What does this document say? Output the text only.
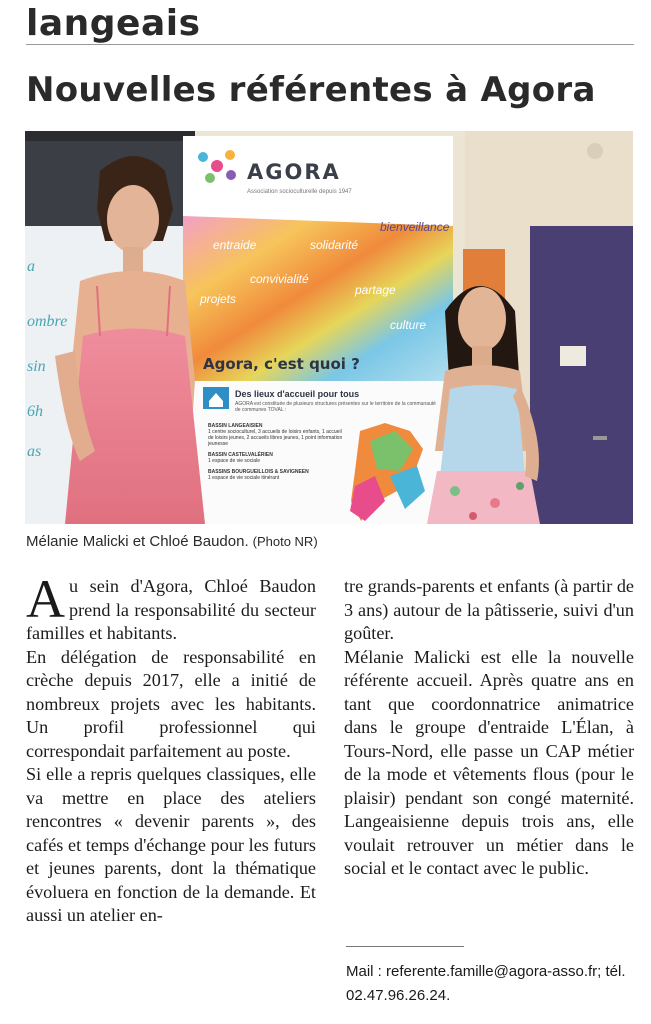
langeais
Nouvelles référentes à Agora
a
ombre
sin
6h
as
AGORA
Association socioculturelle depuis 1947
bienveillance
entraide	solidarité
convivialité
projets
partage
culture
Agora, c'est quoi ?
Des lieux d'accueil pour tous
AGORA est constituée de plusieurs structures présentes sur le territoire de la communauté de communes TOVAL :
BASSIN LANGEAISIEN
1 centre socioculturel, 3 accueils de loisirs enfants, 1 accueil de loisirs jeunes, 2 accueils libres jeunes, 1 point information jeunesse
BASSIN CASTELVALÉRIEN
1 espace de vie sociale
BASSINS BOURGUEILLOIS & SAVIGNEEN
1 espace de vie sociale itinérant
Mélanie Malicki et Chloé Baudon. (Photo NR)

Au sein d'Agora, Chloé Baudon prend la responsabilité du secteur familles et habitants.

En délégation de responsabilité en crèche depuis 2017, elle a initié de nombreux projets avec les habitants. Un profil professionnel qui correspondait parfaitement au poste.

Si elle a repris quelques classiques, elle va mettre en place des ateliers rencontres « devenir parents », des cafés et temps d'échange pour les futurs et jeunes parents, dont la thématique évoluera en fonction de la demande. Et aussi un atelier en-

tre grands-parents et enfants (à partir de 3 ans) autour de la pâtisserie, suivi d'un goûter.

Mélanie Malicki est elle la nouvelle référente accueil. Après quatre ans en tant que coordonnatrice animatrice dans le groupe d'entraide L'Élan, à Tours-Nord, elle passe un CAP métier de la mode et vêtements flous (pour le plaisir) pendant son congé maternité. Langeaisienne depuis trois ans, elle voulait retrouver un métier dans le social et le contact avec le public.

Mail : referente.famille@agora-asso.fr; tél. 02.47.96.26.24.
